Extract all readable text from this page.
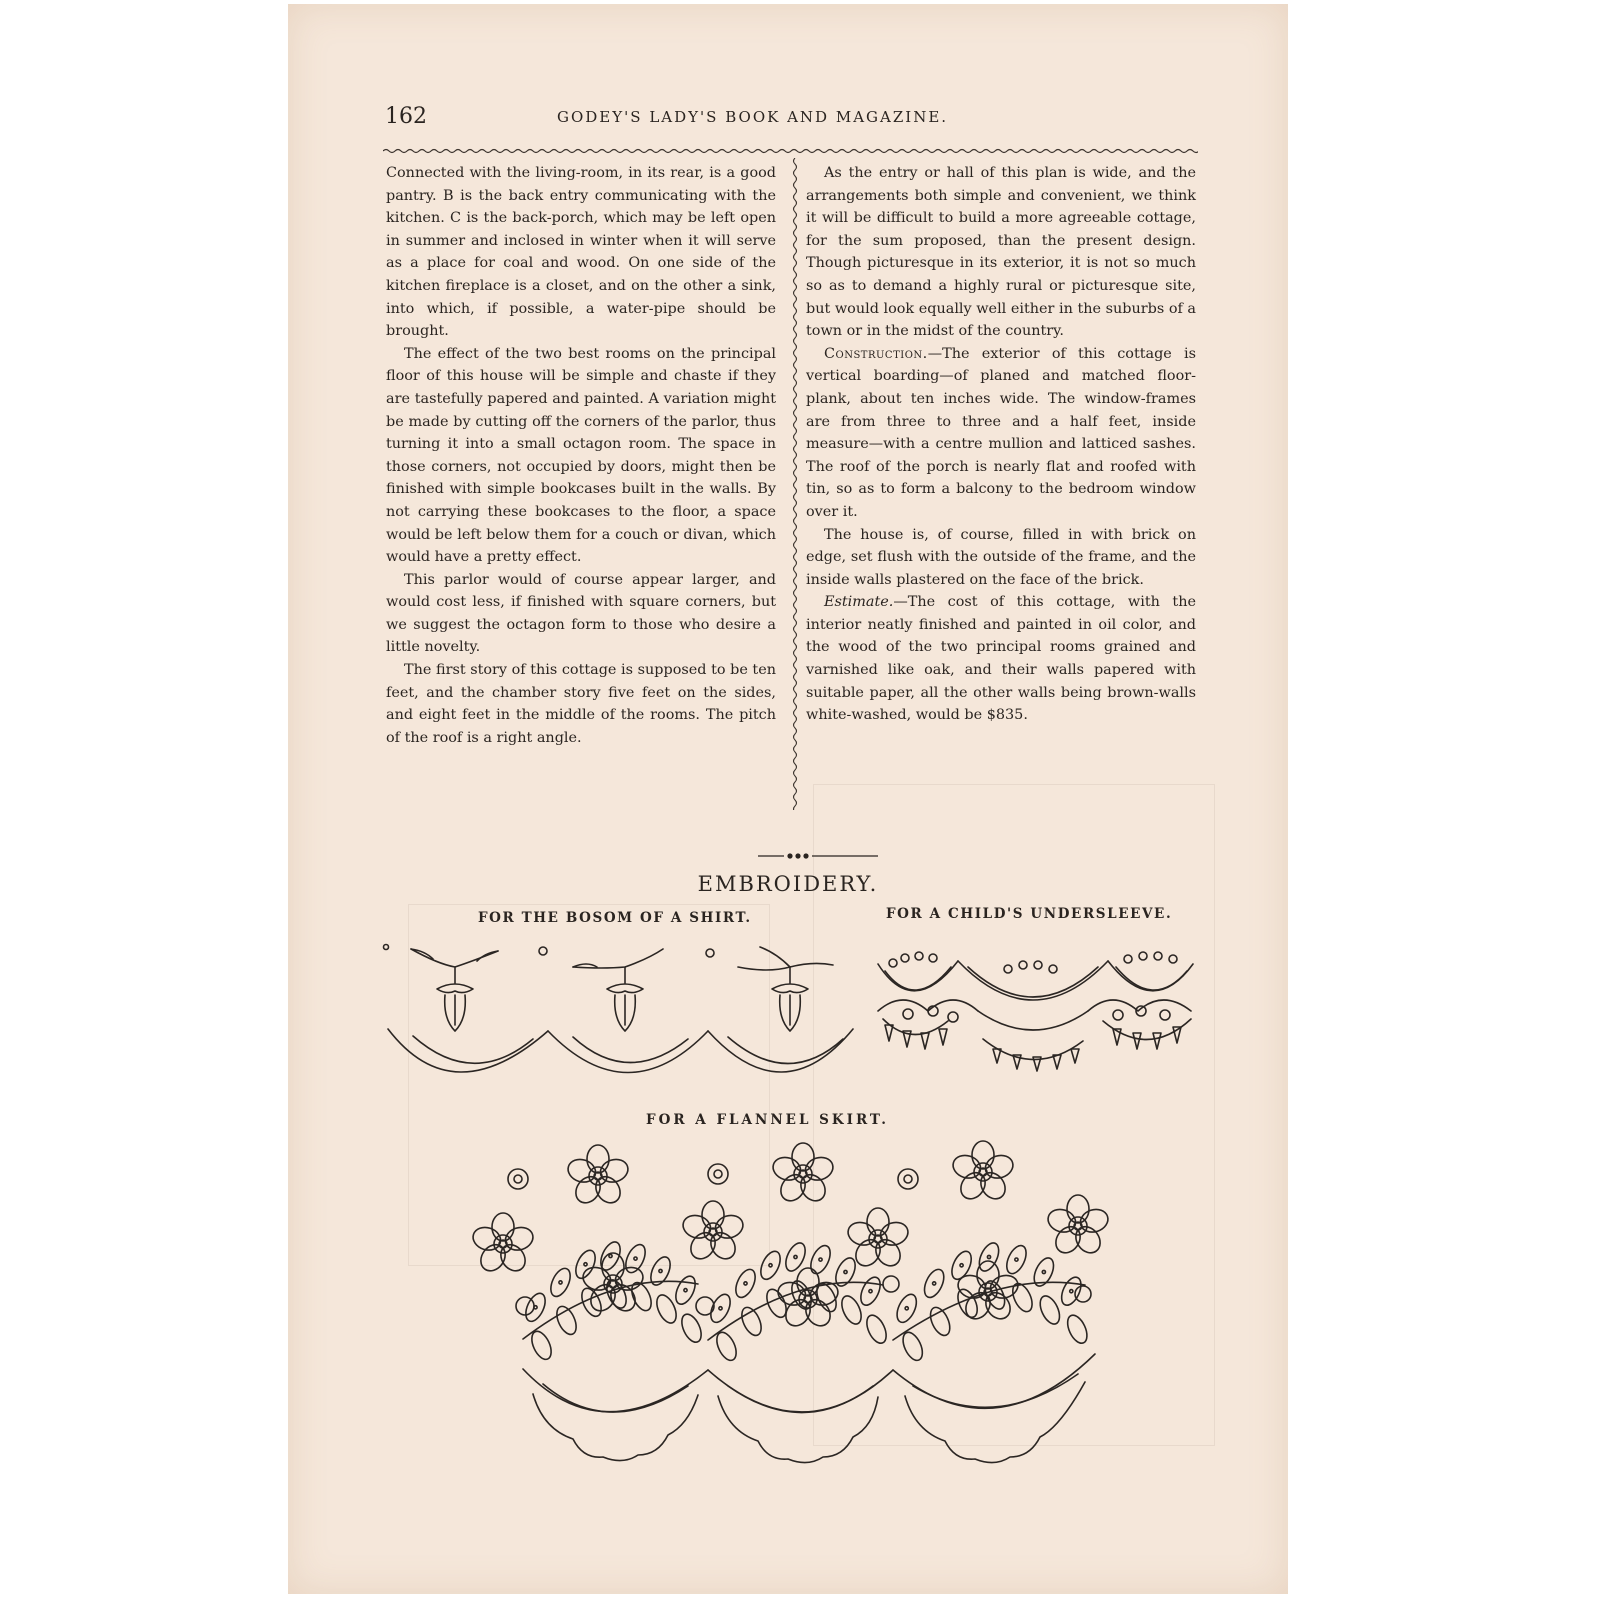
162	GODEY'S LADY'S BOOK AND MAGAZINE.

Connected with the living-room, in its rear, is a good pantry. B is the back entry communicating with the kitchen. C is the back-porch, which may be left open in summer and inclosed in winter when it will serve as a place for coal and wood. On one side of the kitchen fireplace is a closet, and on the other a sink, into which, if possible, a water-pipe should be brought.

The effect of the two best rooms on the principal floor of this house will be simple and chaste if they are tastefully papered and painted. A variation might be made by cutting off the corners of the parlor, thus turning it into a small octagon room. The space in those corners, not occupied by doors, might then be finished with simple bookcases built in the walls. By not carrying these bookcases to the floor, a space would be left below them for a couch or divan, which would have a pretty effect.

This parlor would of course appear larger, and would cost less, if finished with square corners, but we suggest the octagon form to those who desire a little novelty.

The first story of this cottage is supposed to be ten feet, and the chamber story five feet on the sides, and eight feet in the middle of the rooms. The pitch of the roof is a right angle.

As the entry or hall of this plan is wide, and the arrangements both simple and convenient, we think it will be difficult to build a more agreeable cottage, for the sum proposed, than the present design. Though picturesque in its exterior, it is not so much so as to demand a highly rural or picturesque site, but would look equally well either in the suburbs of a town or in the midst of the country.

Construction.—The exterior of this cottage is vertical boarding—of planed and matched floor-plank, about ten inches wide. The window-frames are from three to three and a half feet, inside measure—with a centre mullion and latticed sashes. The roof of the porch is nearly flat and roofed with tin, so as to form a balcony to the bedroom window over it.

The house is, of course, filled in with brick on edge, set flush with the outside of the frame, and the inside walls plastered on the face of the brick.

Estimate.—The cost of this cottage, with the interior neatly finished and painted in oil color, and the wood of the two principal rooms grained and varnished like oak, and their walls papered with suitable paper, all the other walls being brown-walls white-washed, would be $835.

EMBROIDERY.
FOR THE BOSOM OF A SHIRT.	FOR A CHILD'S UNDERSLEEVE.
FOR A FLANNEL SKIRT.
